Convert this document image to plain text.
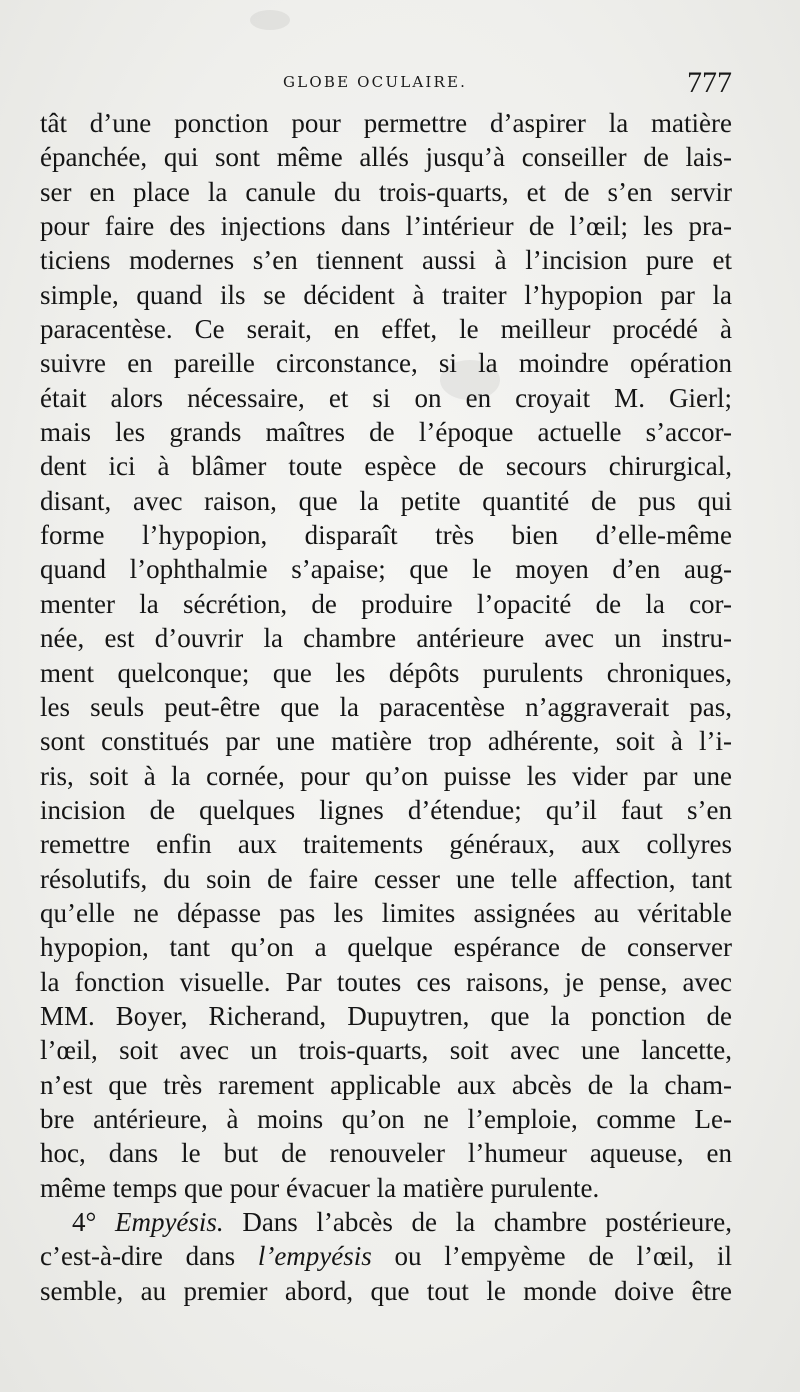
GLOBE OCULAIRE.	777
tât d’une ponction pour permettre d’aspirer la matière
épanchée, qui sont même allés jusqu’à conseiller de lais-
ser en place la canule du trois-quarts, et de s’en servir
pour faire des injections dans l’intérieur de l’œil; les pra-
ticiens modernes s’en tiennent aussi à l’incision pure et
simple, quand ils se décident à traiter l’hypopion par la
paracentèse. Ce serait, en effet, le meilleur procédé à
suivre en pareille circonstance, si la moindre opération
était alors nécessaire, et si on en croyait M. Gierl;
mais les grands maîtres de l’époque actuelle s’accor-
dent ici à blâmer toute espèce de secours chirurgical,
disant, avec raison, que la petite quantité de pus qui
forme l’hypopion, disparaît très bien d’elle-même
quand l’ophthalmie s’apaise; que le moyen d’en aug-
menter la sécrétion, de produire l’opacité de la cor-
née, est d’ouvrir la chambre antérieure avec un instru-
ment quelconque; que les dépôts purulents chroniques,
les seuls peut-être que la paracentèse n’aggraverait pas,
sont constitués par une matière trop adhérente, soit à l’i-
ris, soit à la cornée, pour qu’on puisse les vider par une
incision de quelques lignes d’étendue; qu’il faut s’en
remettre enfin aux traitements généraux, aux collyres
résolutifs, du soin de faire cesser une telle affection, tant
qu’elle ne dépasse pas les limites assignées au véritable
hypopion, tant qu’on a quelque espérance de conserver
la fonction visuelle. Par toutes ces raisons, je pense, avec
MM. Boyer, Richerand, Dupuytren, que la ponction de
l’œil, soit avec un trois-quarts, soit avec une lancette,
n’est que très rarement applicable aux abcès de la cham-
bre antérieure, à moins qu’on ne l’emploie, comme Le-
hoc, dans le but de renouveler l’humeur aqueuse, en
même temps que pour évacuer la matière purulente.
4° Empyésis. Dans l’abcès de la chambre postérieure,
c’est-à-dire dans l’empyésis ou l’empyème de l’œil, il
semble, au premier abord, que tout le monde doive être
